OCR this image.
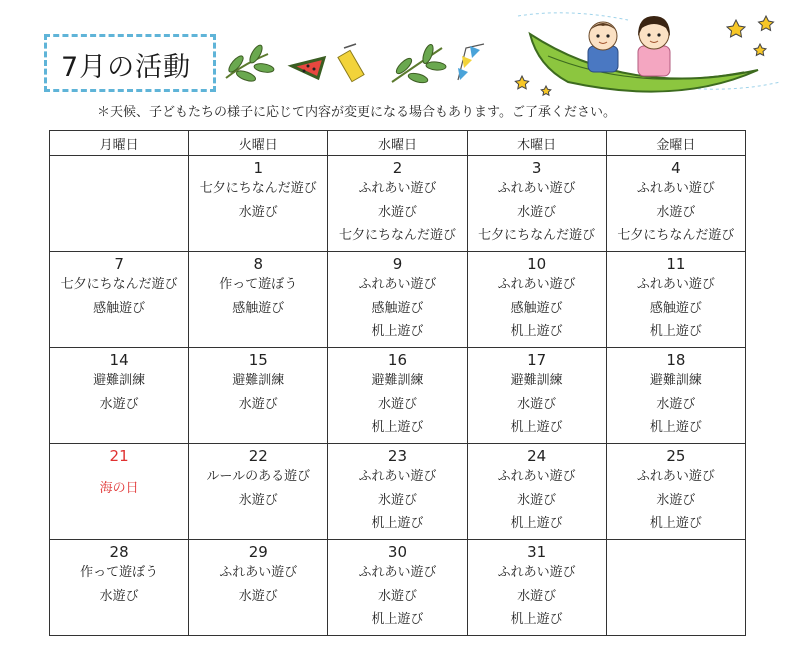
7月の活動
＊天候、子どもたちの様子に応じて内容が変更になる場合もあります。ご了承ください。
月曜日	火曜日	水曜日	木曜日	金曜日

	1
七夕にちなんだ遊び
水遊び	2
ふれあい遊び
水遊び
七夕にちなんだ遊び	3
ふれあい遊び
水遊び
七夕にちなんだ遊び	4
ふれあい遊び
水遊び
七夕にちなんだ遊び

7
七夕にちなんだ遊び
感触遊び	8
作って遊ぼう
感触遊び	9
ふれあい遊び
感触遊び
机上遊び	10
ふれあい遊び
感触遊び
机上遊び	11
ふれあい遊び
感触遊び
机上遊び

14
避難訓練
水遊び	15
避難訓練
水遊び	16
避難訓練
水遊び
机上遊び	17
避難訓練
水遊び
机上遊び	18
避難訓練
水遊び
机上遊び

21
海の日	22
ルールのある遊び
氷遊び	23
ふれあい遊び
氷遊び
机上遊び	24
ふれあい遊び
氷遊び
机上遊び	25
ふれあい遊び
氷遊び
机上遊び

28
作って遊ぼう
水遊び	29
ふれあい遊び
水遊び	30
ふれあい遊び
水遊び
机上遊び	31
ふれあい遊び
水遊び
机上遊び	
